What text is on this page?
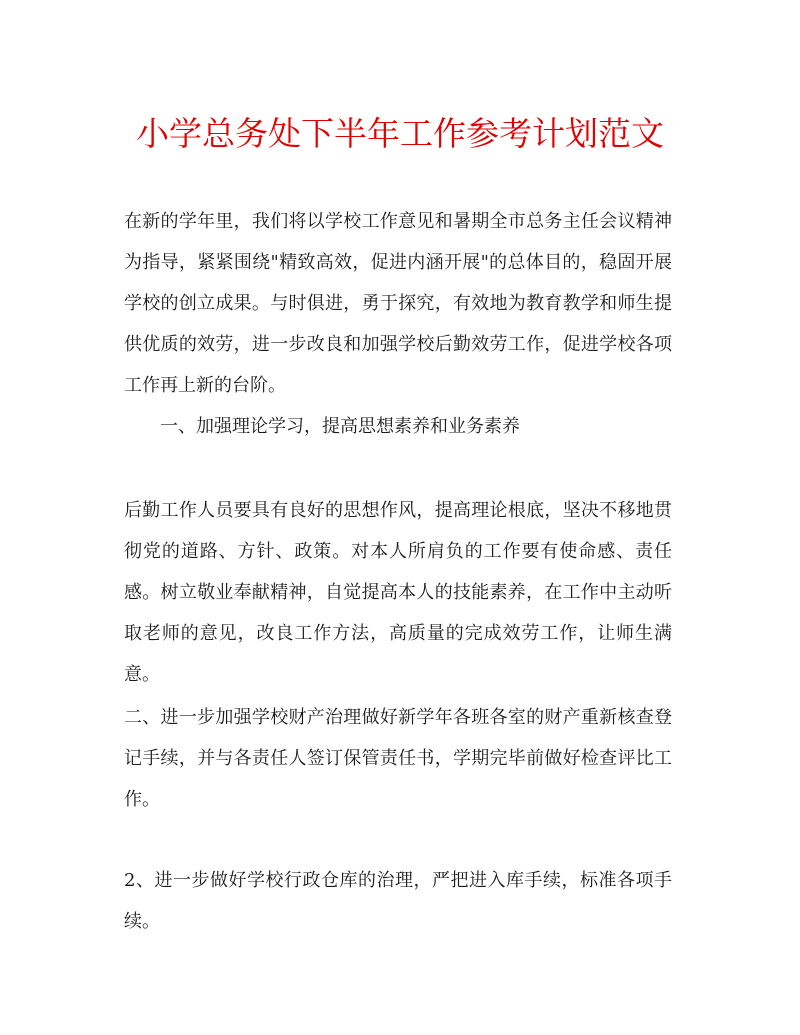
小学总务处下半年工作参考计划范文

在新的学年里，我们将以学校工作意见和暑期全市总务主任会议精神为指导，紧紧围绕"精致高效，促进内涵开展"的总体目的，稳固开展学校的创立成果。与时俱进，勇于探究，有效地为教育教学和师生提供优质的效劳，进一步改良和加强学校后勤效劳工作，促进学校各项工作再上新的台阶。

一、加强理论学习，提高思想素养和业务素养

后勤工作人员要具有良好的思想作风，提高理论根底，坚决不移地贯彻党的道路、方针、政策。对本人所肩负的工作要有使命感、责任感。树立敬业奉献精神，自觉提高本人的技能素养，在工作中主动听取老师的意见，改良工作方法，高质量的完成效劳工作，让师生满意。

二、进一步加强学校财产治理做好新学年各班各室的财产重新核查登记手续，并与各责任人签订保管责任书，学期完毕前做好检查评比工作。

2、进一步做好学校行政仓库的治理，严把进入库手续，标准各项手续。
